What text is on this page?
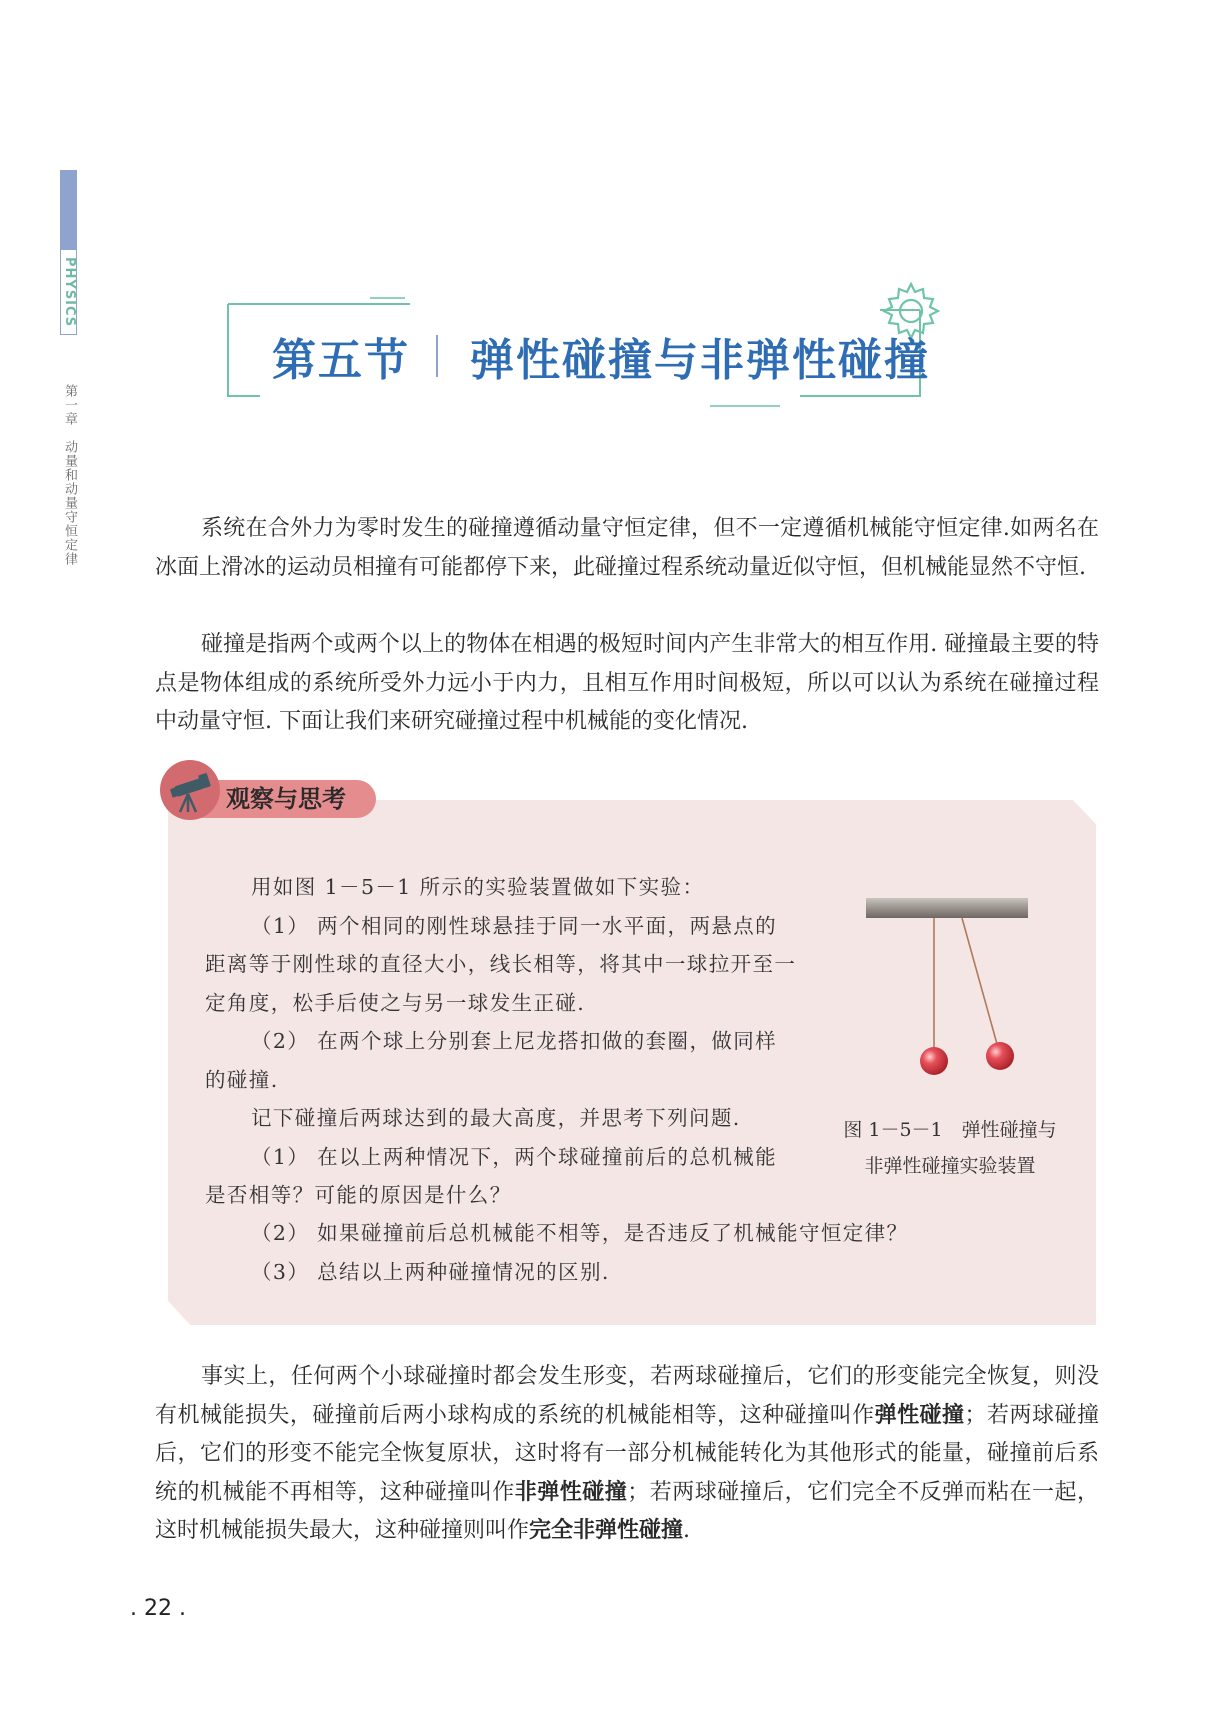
PHYSICS
第一章动量和动量守恒定律
第五节 弹性碰撞与非弹性碰撞

系统在合外力为零时发生的碰撞遵循动量守恒定律，但不一定遵循机械能守恒定律.如两名在冰面上滑冰的运动员相撞有可能都停下来，此碰撞过程系统动量近似守恒，但机械能显然不守恒.

碰撞是指两个或两个以上的物体在相遇的极短时间内产生非常大的相互作用. 碰撞最主要的特点是物体组成的系统所受外力远小于内力，且相互作用时间极短，所以可以认为系统在碰撞过程中动量守恒. 下面让我们来研究碰撞过程中机械能的变化情况.

观察与思考

用如图 1－5－1 所示的实验装置做如下实验：

（1） 两个相同的刚性球悬挂于同一水平面，两悬点的距离等于刚性球的直径大小，线长相等，将其中一球拉开至一定角度，松手后使之与另一球发生正碰.

（2） 在两个球上分别套上尼龙搭扣做的套圈，做同样的碰撞.

记下碰撞后两球达到的最大高度，并思考下列问题.

（1） 在以上两种情况下，两个球碰撞前后的总机械能是否相等？可能的原因是什么？

（2） 如果碰撞前后总机械能不相等，是否违反了机械能守恒定律？

（3） 总结以上两种碰撞情况的区别.

图 1－5－1　弹性碰撞与
非弹性碰撞实验装置

事实上，任何两个小球碰撞时都会发生形变，若两球碰撞后，它们的形变能完全恢复，则没有机械能损失，碰撞前后两小球构成的系统的机械能相等，这种碰撞叫作弹性碰撞；若两球碰撞后，它们的形变不能完全恢复原状，这时将有一部分机械能转化为其他形式的能量，碰撞前后系统的机械能不再相等，这种碰撞叫作非弹性碰撞；若两球碰撞后，它们完全不反弹而粘在一起，这时机械能损失最大，这种碰撞则叫作完全非弹性碰撞.

. 22 .
